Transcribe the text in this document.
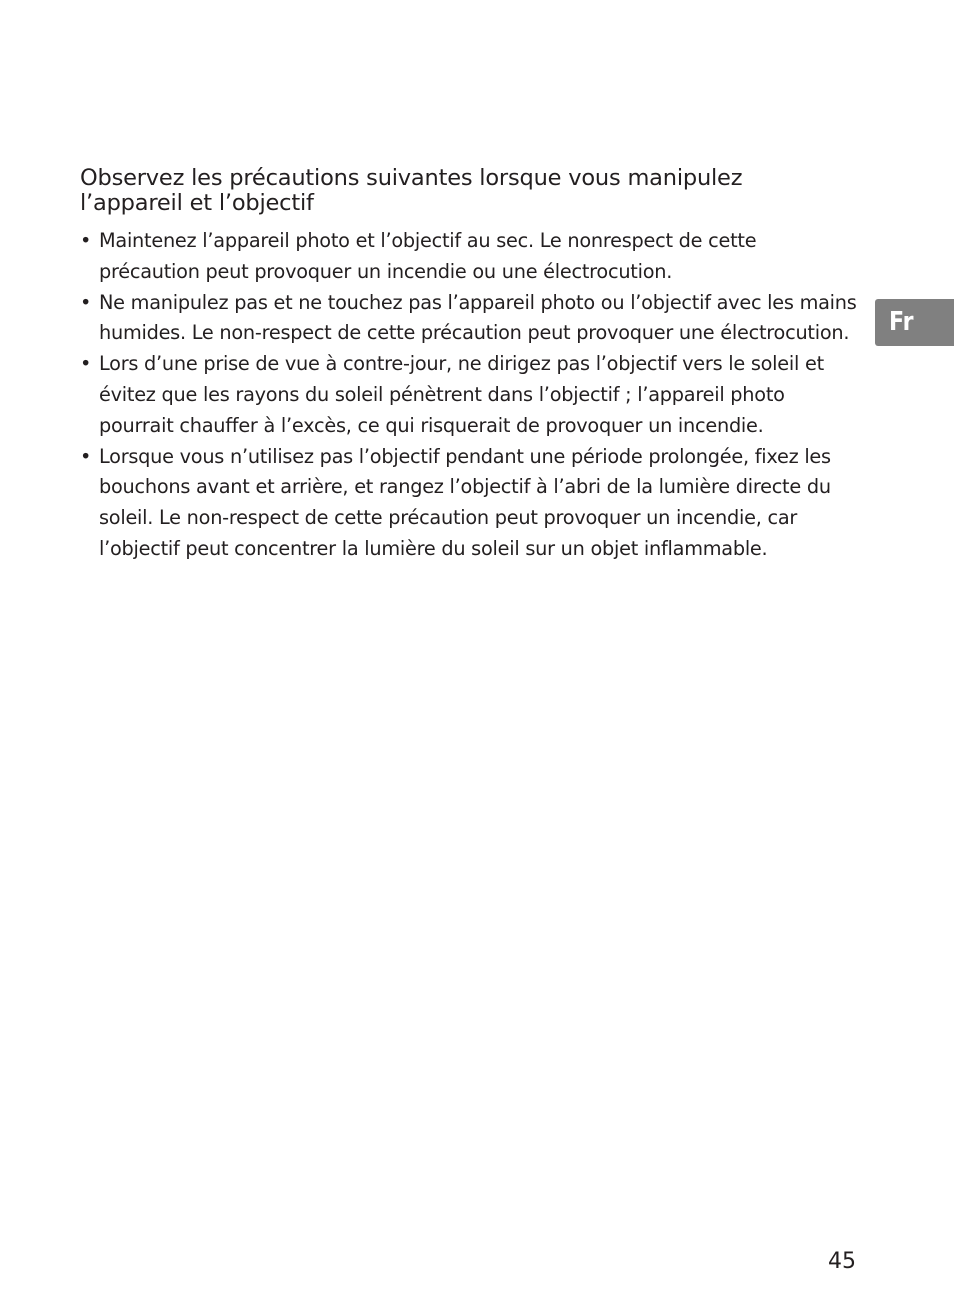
Observez les précautions suivantes lorsque vous manipulez l’appareil et l’objectif
• Maintenez l’appareil photo et l’objectif au sec. Le nonrespect de cette précaution peut provoquer un incendie ou une électrocution.
• Ne manipulez pas et ne touchez pas l’appareil photo ou l’objectif avec les mains humides. Le non-respect de cette précaution peut provoquer une électrocution.
• Lors d’une prise de vue à contre-jour, ne dirigez pas l’objectif vers le soleil et évitez que les rayons du soleil pénètrent dans l’objectif ; l’appareil photo pourrait chauffer à l’excès, ce qui risquerait de provoquer un incendie.
• Lorsque vous n’utilisez pas l’objectif pendant une période prolongée, fixez les bouchons avant et arrière, et rangez l’objectif à l’abri de la lumière directe du soleil. Le non-respect de cette précaution peut provoquer un incendie, car l’objectif peut concentrer la lumière du soleil sur un objet inflammable.
Fr
45
